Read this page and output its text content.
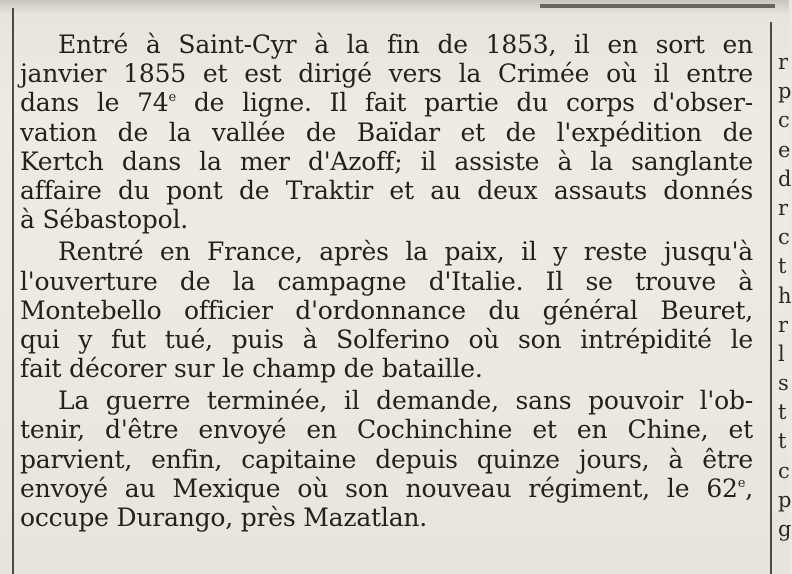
Entré à Saint-Cyr à la fin de 1853, il en sort en
janvier 1855 et est dirigé vers la Crimée où il entre
dans le 74e de ligne. Il fait partie du corps d'obser-
vation de la vallée de Baïdar et de l'expédition de
Kertch dans la mer d'Azoff; il assiste à la sanglante
affaire du pont de Traktir et au deux assauts donnés
à Sébastopol.
Rentré en France, après la paix, il y reste jusqu'à
l'ouverture de la campagne d'Italie. Il se trouve à
Montebello officier d'ordonnance du général Beuret,
qui y fut tué, puis à Solferino où son intrépidité le
fait décorer sur le champ de bataille.
La guerre terminée, il demande, sans pouvoir l'ob-
tenir, d'être envoyé en Cochinchine et en Chine, et
parvient, enfin, capitaine depuis quinze jours, à être
envoyé au Mexique où son nouveau régiment, le 62e,
occupe Durango, près Mazatlan.
r
p
c
e
d
r
c
t
h
r
l
s
t
t
c
p
g
